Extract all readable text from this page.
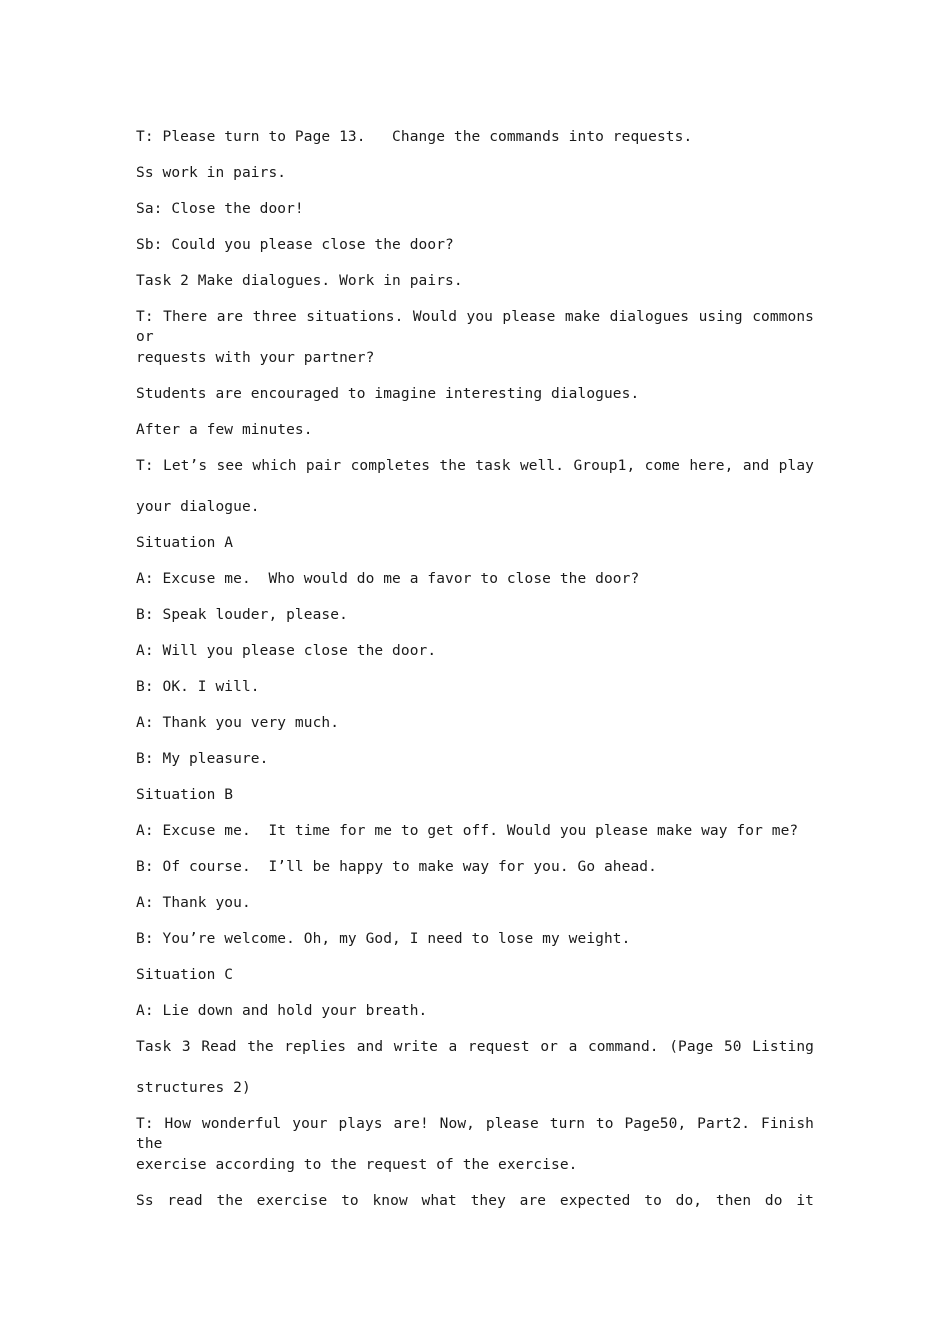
T: Please turn to Page 13.   Change the commands into requests.
Ss work in pairs.
Sa: Close the door!
Sb: Could you please close the door?
Task 2 Make dialogues. Work in pairs.
T: There are three situations. Would you please make dialogues using commons or
requests with your partner?
Students are encouraged to imagine interesting dialogues.
After a few minutes.
T: Let’s see which pair completes the task well. Group1, come here, and play
your dialogue.
Situation A
A: Excuse me.  Who would do me a favor to close the door?
B: Speak louder, please.
A: Will you please close the door.
B: OK. I will.
A: Thank you very much.
B: My pleasure.
Situation B
A: Excuse me.  It time for me to get off. Would you please make way for me?
B: Of course.  I’ll be happy to make way for you. Go ahead.
A: Thank you.
B: You’re welcome. Oh, my God, I need to lose my weight.
Situation C
A: Lie down and hold your breath.
Task 3 Read the replies and write a request or a command. (Page 50 Listing
structures 2)
T: How wonderful your plays are! Now, please turn to Page50, Part2. Finish the
exercise according to the request of the exercise.
Ss read the exercise to know what they are expected to do, then do it
